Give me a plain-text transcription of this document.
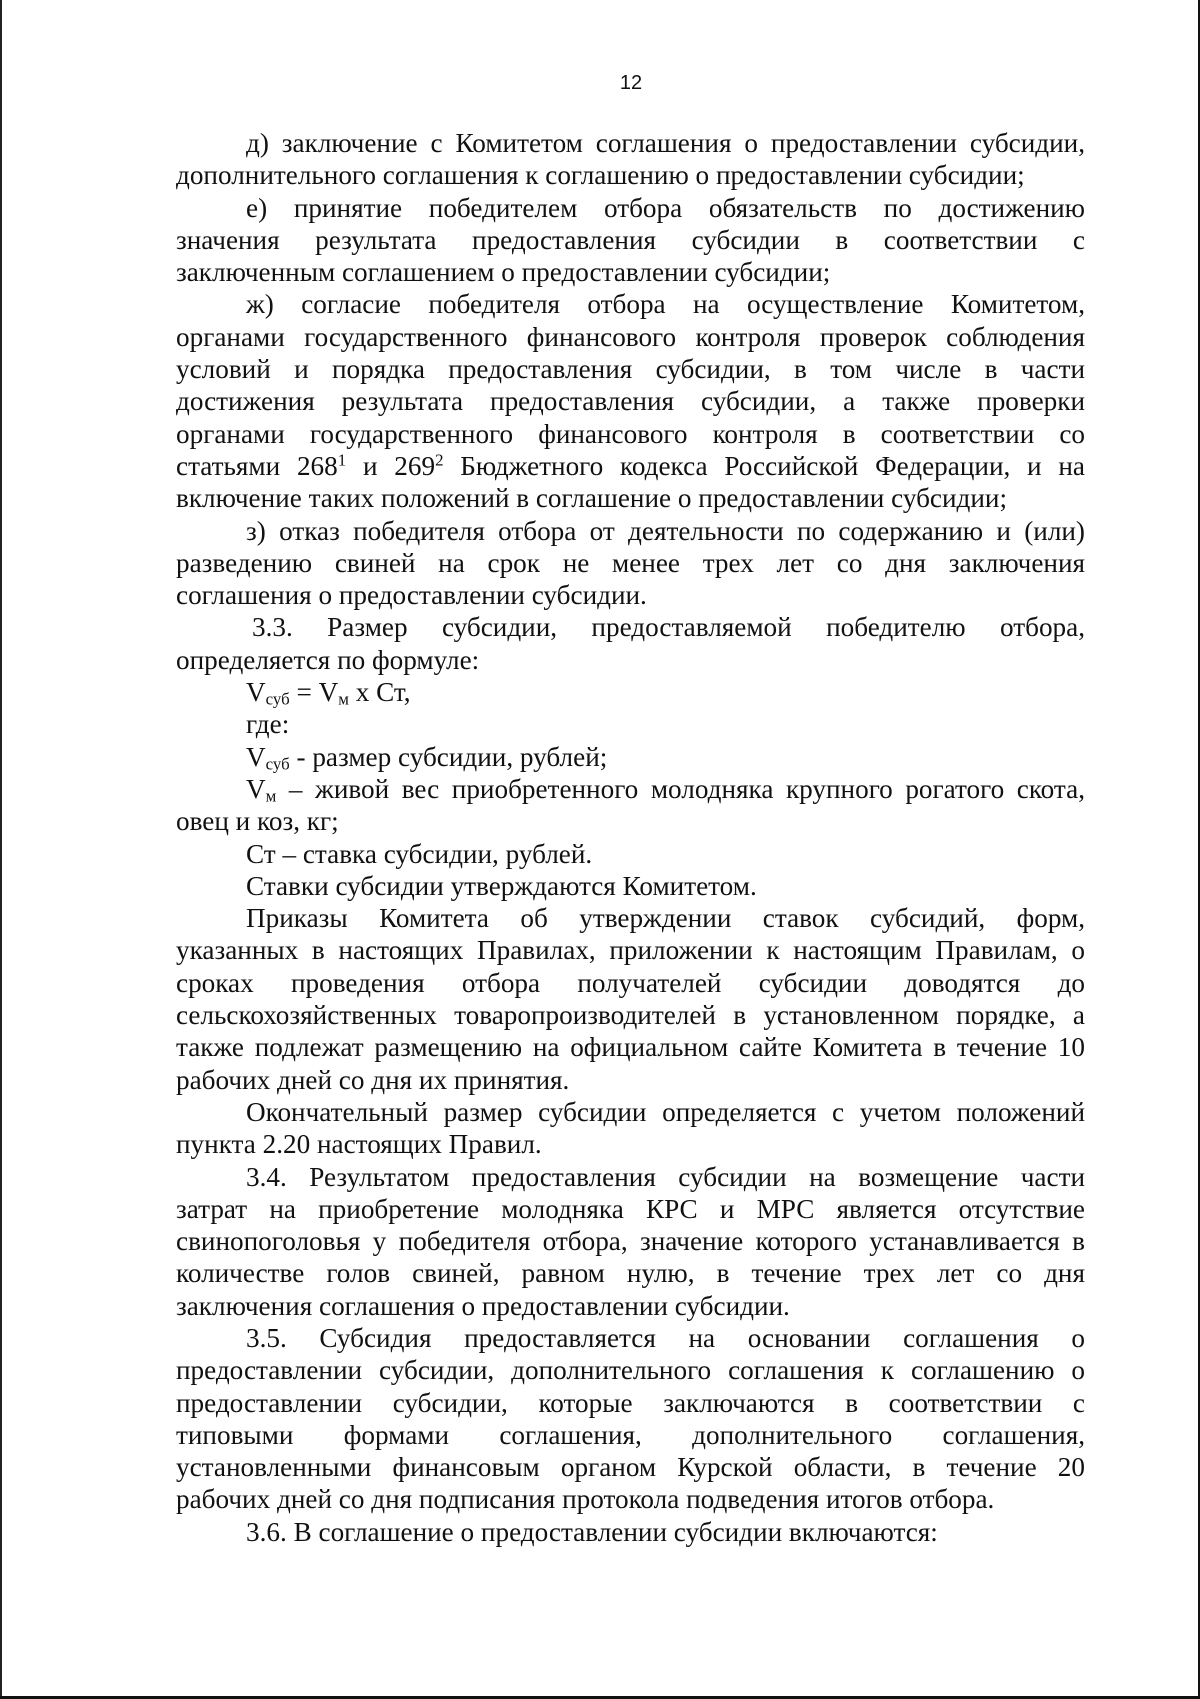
12
д) заключение с Комитетом соглашения о предоставлении субсидии,
дополнительного соглашения к соглашению о предоставлении субсидии;
е) принятие победителем отбора обязательств по достижению
значения результата предоставления субсидии в соответствии с
заключенным соглашением о предоставлении субсидии;
ж) согласие победителя отбора на осуществление Комитетом,
органами государственного финансового контроля проверок соблюдения
условий и порядка предоставления субсидии, в том числе в части
достижения результата предоставления субсидии, а также проверки
органами государственного финансового контроля в соответствии со
статьями $268^1$ и $269^2$ Бюджетного кодекса Российской Федерации, и на
включение таких положений в соглашение о предоставлении субсидии;
з) отказ победителя отбора от деятельности по содержанию и (или)
разведению свиней на срок не менее трех лет со дня заключения
соглашения о предоставлении субсидии.
3.3. Размер субсидии, предоставляемой победителю отбора,
определяется по формуле:
$V_{суб} = V_м$ х Ст,
где:
$V_{суб}$ - размер субсидии, рублей;
$V_м$ – живой вес приобретенного молодняка крупного рогатого скота,
овец и коз, кг;
Ст – ставка субсидии, рублей.
Ставки субсидии утверждаются Комитетом.
Приказы Комитета об утверждении ставок субсидий, форм,
указанных в настоящих Правилах, приложении к настоящим Правилам, о
сроках проведения отбора получателей субсидии доводятся до
сельскохозяйственных товаропроизводителей в установленном порядке, а
также подлежат размещению на официальном сайте Комитета в течение 10
рабочих дней со дня их принятия.
Окончательный размер субсидии определяется с учетом положений
пункта 2.20 настоящих Правил.
3.4. Результатом предоставления субсидии на возмещение части
затрат на приобретение молодняка КРС и МРС является отсутствие
свинопоголовья у победителя отбора, значение которого устанавливается в
количестве голов свиней, равном нулю, в течение трех лет со дня
заключения соглашения о предоставлении субсидии.
3.5. Субсидия предоставляется на основании соглашения о
предоставлении субсидии, дополнительного соглашения к соглашению о
предоставлении субсидии, которые заключаются в соответствии с
типовыми формами соглашения, дополнительного соглашения,
установленными финансовым органом Курской области, в течение 20
рабочих дней со дня подписания протокола подведения итогов отбора.
3.6. В соглашение о предоставлении субсидии включаются:
